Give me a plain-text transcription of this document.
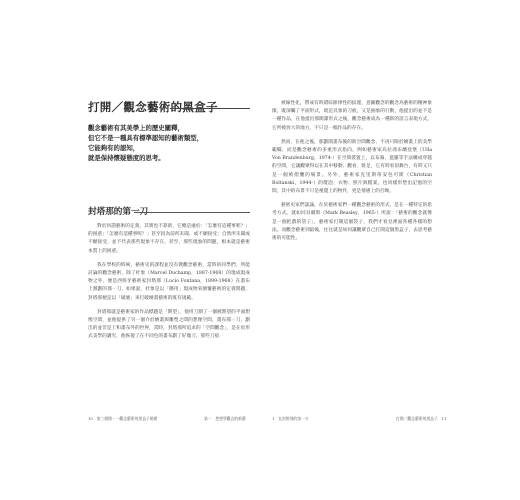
打開／觀念藝術的黑盒子
觀念藝術有其美學上的歷史闡釋，
但它不是一種具有標準認知的藝術類型，
它能夠有的認知，
就是保持懷疑態度的思考。
封塔那的第一刀

對於何謂藝術的定義，其實也不算新，它總是處於：「怎麼有這種事呢？」的困惑；「怎麼有這種事呢？」甚至因為前所未聞，或不願接受；自然所未聞或不願接受，並不代表那些現象不存在，甚至，那些現象的問題，根本就是藝術本質上的困惑。

我在學校的時候，藝術史的課程並沒有教觀念藝術，當時的同學們，所能討論的觀念藝術，除了杜象（Marcel Duchamp，1887-1968）的現成現成物之外，便是西班牙藝術家封塔那（Lucio Fontana，1899-1968）在畫布上割劃的那一刀，如果說，杜象是以「挪用」現成物來顛覆藝術的定義問題，封塔那便是以「破壞」來打破繪畫藝術的既有規範。

封塔那就是藝術家的作品標題是「期望」，他用刀割了一個被期望的平面想像空間，並他提供了另一個介於繪畫與雕塑之間的想像空間，畫布那一刀，劃出的並非是上和畫布外的世界，當時，封塔那所追求的「空間觀念」，是在於形式美學的講究，他恢復了在不同色的畫布劃了好幾刀，那些刀痕

被線性化，帶成有時錯綜節律性的紋理，意圖觀念的觀念為藝術的精神象徵，既深觸了平面形式，既是具象的刀痕，又是抽象的行動，他提出的並不是一種作品，在他提出那簡潔形式之後，觀念藝術成為一種新的語言表現方式，它所被放大的地方，不只是一幅作品的存在。

然而，在他之後，那劃開畫布後的新空間觀念，不再只限於繪畫上的美學範疇，而是觀念藝術的多重形式指向，例如藝術家烏拉馮布蘭登堡（Ulla Von Brandenburg，1974-）在空間裝置上，以布幕、遮簾等手法構成穿越的空間，它讓觀眾得以在其中移動、觀看、駐足，它有時看似舞台，有時又只是一個被摺疊的場景。另外，藝術家克里斯蒂安包可斯（Christian Boltanski，1944-）的燈泡、衣物、照片與檔案，也同樣形塑出記憶的空間，其中的布景不只是視覺上的物件，更是情感上的召喚。

藝術史家們談論，在於藝術家們一種觀念藝術的形式，是在一種特定的思考方式。就如同貝爾斯（Mark Beasley，1965-）所說：「藝術的觀念就像是一個把戲的袋子」，藝術家打開這個袋子，我們才看見裡面各種各樣的想法。而觀念藝術到最後，往往就是如何讓觀眾自己打開這個黑盒子，去思考藝術的可能性。

10　第三個開・一觀念藝術的黑盒子揭開	第一　想想學觀念的新藝	1　在封塔那的第一刀	打開／觀念藝術的黑盒子　11
